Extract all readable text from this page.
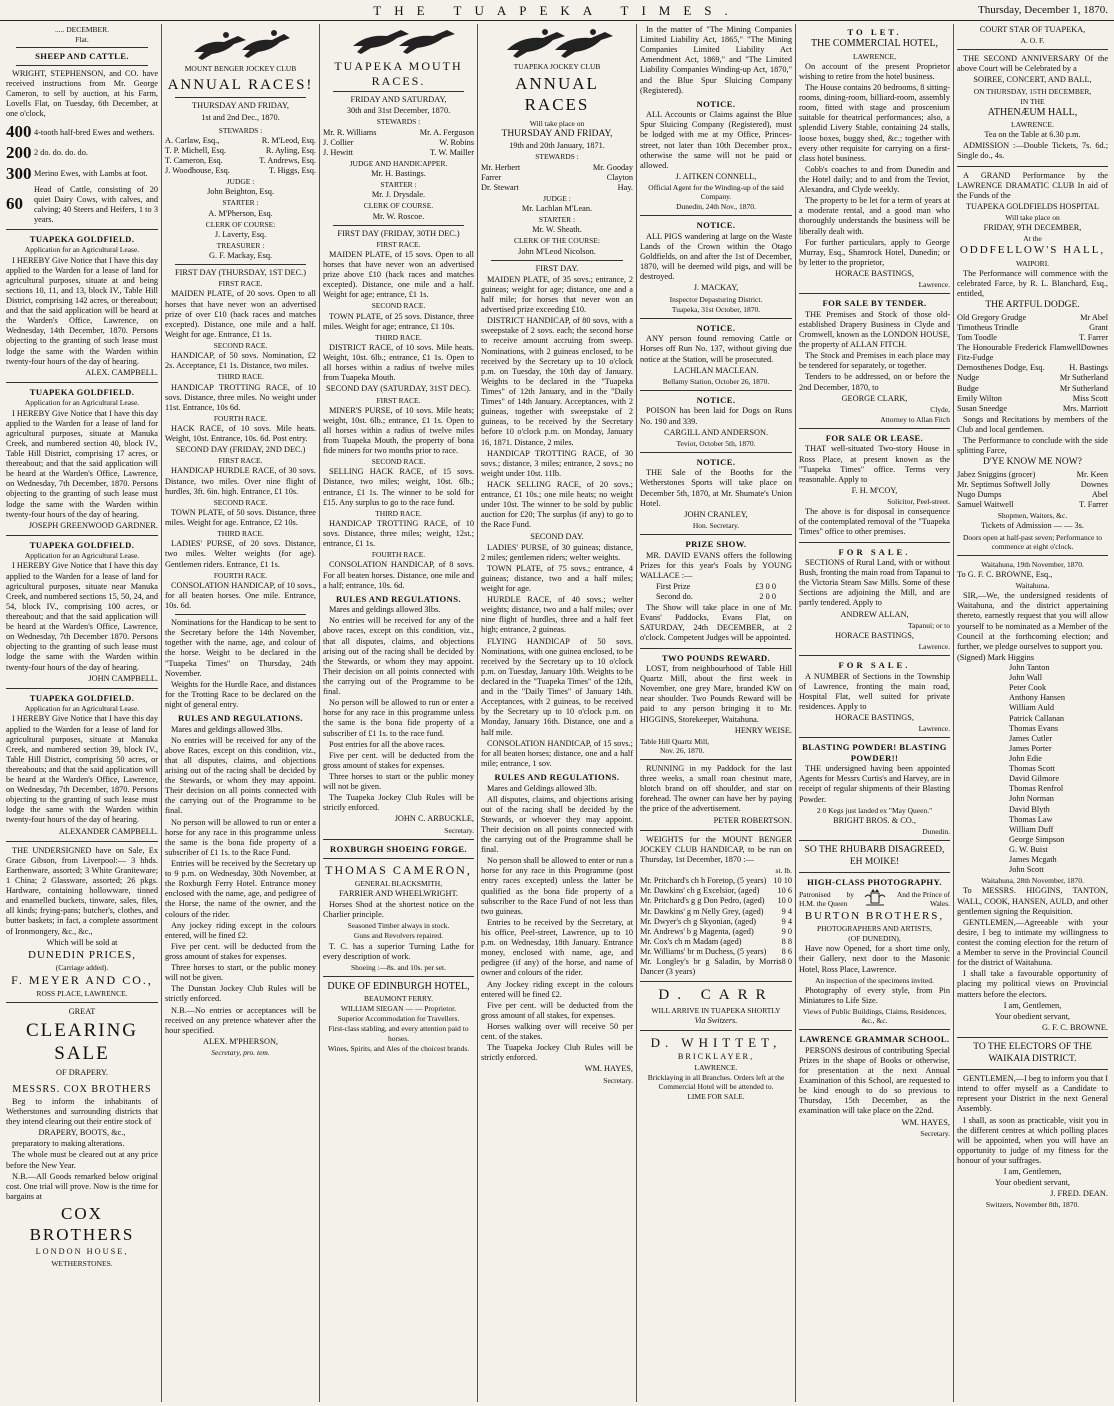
THE TUAPEKA TIMES.	Thursday, December 1, 1870.
..... DECEMBER.
Flat.
SHEEP AND CATTLE.

WRIGHT, STEPHENSON, and CO. have received instructions from Mr. George Cameron, to sell by auction, at his Farm, Lovells Flat, on Tuesday, 6th December, at one o'clock,

400 4-tooth half-bred Ewes and wethers.
200 2 do. do. do. do.
300 Merino Ewes, with Lambs at foot.
60
Head of Cattle, consisting of 20 quiet Dairy Cows, with calves, and calving; 40 Steers and Heifers, 1 to 3 years.
TUAPEKA GOLDFIELD.
Application for an Agricultural Lease.

I HEREBY Give Notice that I have this day applied to the Warden for a lease of land for agricultural purposes, situate at and being sections 10, 11, and 13, block IV., Table Hill District, comprising 142 acres, or thereabout; and that the said application will be heard at the Warden's Office, Lawrence, on Wednesday, 14th December, 1870. Persons objecting to the granting of such lease must lodge the same with the Warden within twenty-four hours of the day of hearing.

ALEX. CAMPBELL.
TUAPEKA GOLDFIELD.
Application for an Agricultural Lease.

I HEREBY Give Notice that I have this day applied to the Warden for a lease of land for agricultural purposes, situate at Manuka Creek, and numbered section 40, block IV., Table Hill District, comprising 17 acres, or thereabout; and that the said application will be heard at the Warden's Office, Lawrence, on Wednesday, 7th December, 1870. Persons objecting to the granting of such lease must lodge the same with the Warden within twenty-four hours of the day of hearing.

JOSEPH GREENWOOD GARDNER.
TUAPEKA GOLDFIELD.
Application for an Agricultural Lease.

I HEREBY Give Notice that I have this day applied to the Warden for a lease of land for agricultural purposes, situate near Manuka Creek, and numbered sections 15, 50, 24, and 54, block IV., comprising 100 acres, or thereabout; and that the said application will be heard at the Warden's Office, Lawrence, on Wednesday, 7th December 1870. Persons objecting to the granting of such lease must lodge the same with the Warden within twenty-four hours of the day of hearing.

JOHN CAMPBELL.
TUAPEKA GOLDFIELD.
Application for an Agricultural Lease.

I HEREBY Give Notice that I have this day applied to the Warden for a lease of land for agricultural purposes, situate at Manuka Creek, and numbered section 39, block IV., Table Hill District, comprising 50 acres, or thereabouts; and that the said application will be heard at the Warden's Office, Lawrence, on Wednesday, 7th December, 1870. Persons objecting to the granting of such lease must lodge the same with the Warden within twenty-four hours of the day of hearing.

ALEXANDER CAMPBELL.

THE UNDERSIGNED have on Sale, Ex Grace Gibson, from Liverpool:— 3 hhds. Earthenware, assorted; 3 White Graniteware; 1 China; 2 Glassware, assorted; 26 pkgs. Hardware, containing hollowware, tinned and enamelled buckets, tinware, sales, files, all kinds; frying-pans; butcher's, clothes, and butter baskets; in fact, a complete assortment of Ironmongery, &c., &c.,

Which will be sold at
DUNEDIN PRICES,
(Carriage added).
F. MEYER AND CO.,
ROSS PLACE, LAWRENCE.
GREAT
CLEARING SALE
OF DRAPERY.
MESSRS. COX BROTHERS

Beg to inform the inhabitants of Wetherstones and surrounding districts that they intend clearing out their entire stock of

DRAPERY, BOOTS, &c.,

preparatory to making alterations.

The whole must be cleared out at any price before the New Year.

N.B.—All Goods remarked below original cost. One trial will prove. Now is the time for bargains at

COX BROTHERS
LONDON HOUSE,
WETHERSTONES.
MOUNT BENGER JOCKEY CLUB
ANNUAL RACES!
THURSDAY AND FRIDAY,
1st and 2nd Dec., 1870.
STEWARDS :
A. Carlaw, Esq.,	R. M'Leod, Esq.
T. P. Michell, Esq.	R. Ayling, Esq.
T. Cameron, Esq.	T. Andrews, Esq.
J. Woodhouse, Esq.	T. Higgs, Esq.
JUDGE :
John Beighton, Esq.
STARTER :
A. M'Pherson, Esq.
CLERK OF COURSE:
J. Laverty, Esq.
TREASURER :
G. F. Mackay, Esq.
FIRST DAY (THURSDAY, 1ST DEC.)
FIRST RACE.

MAIDEN PLATE, of 20 sovs. Open to all horses that have never won an advertised prize of over £10 (hack races and matches excepted). Distance, one mile and a half. Weight for age. Entrance, £1 1s.

SECOND RACE.

HANDICAP, of 50 sovs. Nomination, £2 2s. Acceptance, £1 1s. Distance, two miles.

THIRD RACE.

HANDICAP TROTTING RACE, of 10 sovs. Distance, three miles. No weight under 11st. Entrance, 10s 6d.

FOURTH RACE.

HACK RACE, of 10 sovs. Mile heats. Weight, 10st. Entrance, 10s. 6d. Post entry.

SECOND DAY (FRIDAY, 2ND DEC.)
FIRST RACE.

HANDICAP HURDLE RACE, of 30 sovs. Distance, two miles. Over nine flight of hurdles, 3ft. 6in. high. Entrance, £1 10s.

SECOND RACE.

TOWN PLATE, of 50 sovs. Distance, three miles. Weight for age. Entrance, £2 10s.

THIRD RACE.

LADIES' PURSE, of 20 sovs. Distance, two miles. Welter weights (for age). Gentlemen riders. Entrance, £1 1s.

FOURTH RACE.

CONSOLATION HANDICAP, of 10 sovs., for all beaten horses. One mile. Entrance, 10s. 6d.

Nominations for the Handicap to be sent to the Secretary before the 14th November, together with the name, age, and colour of the horse. Weight to be declared in the "Tuapeka Times" on Thursday, 24th November.

Weights for the Hurdle Race, and distances for the Trotting Race to be declared on the night of general entry.

RULES AND REGULATIONS.

Mares and geldings allowed 3lbs.

No entries will be received for any of the above Races, except on this condition, viz., that all disputes, claims, and objections arising out of the racing shall be decided by the Stewards, or whom they may appoint. Their decision on all points connected with the carrying out of the Programme to be final.

No person will be allowed to run or enter a horse for any race in this programme unless the same is the bona fide property of a subscriber of £1 1s. to the Race Fund.

Entries will be received by the Secretary up to 9 p.m. on Wednesday, 30th November, at the Roxburgh Ferry Hotel. Entrance money enclosed with the name, age, and pedigree of the Horse, the name of the owner, and the colours of the rider.

Any jockey riding except in the colours entered, will be fined £2.

Five per cent. will be deducted from the gross amount of stakes for expenses.

Three horses to start, or the public money will not be given.

The Dunstan Jockey Club Rules will be strictly enforced.

N.B.—No entries or acceptances will be received on any pretence whatever after the hour specified.

ALEX. M'PHERSON,
Secretary, pro. tem.
TUAPEKA MOUTH RACES.
FRIDAY AND SATURDAY,
30th and 31st December, 1870.
STEWARDS :
Mr. R. Williams	Mr. A. Ferguson
J. Collier	W. Robins
J. Hewitt	T. W. Mailler
JUDGE AND HANDICAPPER.
Mr. H. Bastings.
STARTER :
Mr. J. Drysdale.
CLERK OF COURSE.
Mr. W. Roscoe.
FIRST DAY (FRIDAY, 30TH DEC.)
FIRST RACE.

MAIDEN PLATE, of 15 sovs. Open to all horses that have never won an advertised prize above £10 (hack races and matches excepted). Distance, one mile and a half. Weight for age; entrance, £1 1s.

SECOND RACE.

TOWN PLATE, of 25 sovs. Distance, three miles. Weight for age; entrance, £1 10s.

THIRD RACE.

DISTRICT RACE, of 10 sovs. Mile heats. Weight, 10st. 6lb.; entrance, £1 1s. Open to all horses within a radius of twelve miles from Tuapeka Mouth.

SECOND DAY (SATURDAY, 31ST DEC).
FIRST RACE.

MINER'S PURSE, of 10 sovs. Mile heats; weight, 10st. 6lb.; entrance, £1 1s. Open to all horses within a radius of twelve miles from Tuapeka Mouth, the property of bona fide miners for two months prior to race.

SECOND RACE.

SELLING HACK RACE, of 15 sovs. Distance, two miles; weight, 10st. 6lb.; entrance, £1 1s. The winner to be sold for £15. Any surplus to go to the race fund.

THIRD RACE.

HANDICAP TROTTING RACE, of 10 sovs. Distance, three miles; weight, 12st.; entrance, £1 1s.

FOURTH RACE.

CONSOLATION HANDICAP, of 8 sovs. For all beaten horses. Distance, one mile and a half; entrance, 10s. 6d.

RULES AND REGULATIONS.

Mares and geldings allowed 3lbs.

No entries will be received for any of the above races, except on this condition, viz., that all disputes, claims, and objections arising out of the racing shall be decided by the Stewards, or whom they may appoint. Their decision on all points connected with the carrying out of the Programme to be final.

No person will be allowed to run or enter a horse for any race in this programme unless the same is the bona fide property of a subscriber of £1 1s. to the race fund.

Post entries for all the above races.

Five per cent. will be deducted from the gross amount of stakes for expenses.

Three horses to start or the public money will not be given.

The Tuapeka Jockey Club Rules will be strictly enforced.

JOHN C. ARBUCKLE,
Secretary.
ROXBURGH SHOEING FORGE.
THOMAS CAMERON,
GENERAL BLACKSMITH,
FARRIER AND WHEELWRIGHT.

Horses Shod at the shortest notice on the Charlier principle.

Seasoned Timber always in stock.
Guns and Revolvers repaired.

T. C. has a superior Turning Lathe for every description of work.

Shoeing :—8s. and 10s. per set.
DUKE OF EDINBURGH HOTEL,
BEAUMONT FERRY.
WILLIAM SIEGAN — — Proprietor.
Superior Accommodation for Travellers.
First-class stabling, and every attention paid to horses.
Wines, Spirits, and Ales of the choicest brands.
TUAPEKA JOCKEY CLUB
ANNUAL RACES
Will take place on
THURSDAY AND FRIDAY,
19th and 20th January, 1871.
STEWARDS :
Mr. Herbert	Mr. Gooday
Farrer	Clayton
Dr. Stewart	Hay.
JUDGE :
Mr. Lachlan M'Lean.
STARTER :
Mr. W. Sheath.
CLERK OF THE COURSE:
John M'Leod Nicolson.
FIRST DAY.

MAIDEN PLATE, of 35 sovs.; entrance, 2 guineas; weight for age; distance, one and a half mile; for horses that never won an advertised prize exceeding £10.

DISTRICT HANDICAP, of 80 sovs, with a sweepstake of 2 sovs. each; the second horse to receive amount accruing from sweep. Nominations, with 2 guineas enclosed, to be received by the Secretary up to 10 o'clock p.m. on Tuesday, the 10th day of January. Weights to be declared in the "Tuapeka Times" of 12th January, and in the "Daily Times" of 14th January. Acceptances, with 2 guineas, together with sweepstake of 2 guineas, to be received by the Secretary before 10 o'clock p.m. on Monday, January 16, 1871. Distance, 2 miles.

HANDICAP TROTTING RACE, of 30 sovs.; distance, 3 miles; entrance, 2 sovs.; no weight under 10st. 11lb.

HACK SELLING RACE, of 20 sovs.; entrance, £1 10s.; one mile heats; no weight under 10st. The winner to be sold by public auction for £20; The surplus (if any) to go to the Race Fund.

SECOND DAY.

LADIES' PURSE, of 30 guineas; distance, 2 miles; gentlemen riders; welter weights.

TOWN PLATE, of 75 sovs.; entrance, 4 guineas; distance, two and a half miles; weight for age.

HURDLE RACE, of 40 sovs.; welter weights; distance, two and a half miles; over nine flight of hurdles, three and a half feet high; entrance, 2 guineas.

FLYING HANDICAP of 50 sovs. Nominations, with one guinea enclosed, to be received by the Secretary up to 10 o'clock p.m. on Tuesday, January 10th. Weights to be declared in the "Tuapeka Times" of the 12th, and in the "Daily Times" of January 14th. Acceptances, with 2 guineas, to be received by the Secretary up to 10 o'clock p.m. on Monday, January 16th. Distance, one and a half mile.

CONSOLATION HANDICAP, of 15 sovs.; for all beaten horses; distance, one and a half mile; entrance, 1 sov.

RULES AND REGULATIONS.

Mares and Geldings allowed 3lb.

All disputes, claims, and objections arising out of the racing shall be decided by the Stewards, or whoever they may appoint. Their decision on all points connected with the carrying out of the Programme shall be final.

No person shall be allowed to enter or run a horse for any race in this Programme (post entry races excepted) unless the latter be qualified as the bona fide property of a subscriber to the Race Fund of not less than two guineas.

Entries to be received by the Secretary, at his office, Peel-street, Lawrence, up to 10 p.m. on Wednesday, 18th January. Entrance money, enclosed with name, age, and pedigree (if any) of the horse, and name of owner and colours of the rider.

Any Jockey riding except in the colours entered will be fined £2.

Five per cent. will be deducted from the gross amount of all stakes, for expenses.

Horses walking over will receive 50 per cent. of the stakes.

The Tuapeka Jockey Club Rules will be strictly enforced.

WM. HAYES,
Secretary.

In the matter of "The Mining Companies Limited Liability Act, 1865," "The Mining Companies Limited Liability Act Amendment Act, 1869," and "The Limited Liability Companies Winding-up Act, 1870," and the Blue Spur Sluicing Company (Registered).

NOTICE.

ALL Accounts or Claims against the Blue Spur Sluicing Company (Registered), must be lodged with me at my Office, Princes-street, not later than 10th December prox., otherwise the same will not be paid or allowed.

J. AITKEN CONNELL,
Official Agent for the Winding-up of the said Company.
Dunedin, 24th Nov., 1870.
NOTICE.

ALL PIGS wandering at large on the Waste Lands of the Crown within the Otago Goldfields, on and after the 1st of December, 1870, will be deemed wild pigs, and will be destroyed.

J. MACKAY,
Inspector Depasturing District.
Tuapeka, 31st October, 1870.
NOTICE.

ANY person found removing Cattle or Horses off Run No. 137, without giving due notice at the Station, will be prosecuted.

LACHLAN MACLEAN.
Bellamy Station, October 26, 1870.
NOTICE.

POISON has been laid for Dogs on Runs No. 190 and 339.

CARGILL AND ANDERSON.
Teviot, October 5th, 1870.
NOTICE.

THE Sale of the Booths for the Wetherstones Sports will take place on December 5th, 1870, at Mr. Shumate's Union Hotel.

JOHN CRANLEY,
Hon. Secretary.
PRIZE SHOW.

MR. DAVID EVANS offers the following Prizes for this year's Foals by YOUNG WALLACE :—

First Prize	£3 0 0
Second do.	2 0 0

The Show will take place in one of Mr. Evans' Paddocks, Evans Flat, on SATURDAY, 24th DECEMBER, at 2 o'clock. Competent Judges will be appointed.

TWO POUNDS REWARD.

LOST, from neighbourhood of Table Hill Quartz Mill, about the first week in November, one grey Mare, branded KW on near shoulder. Two Pounds Reward will be paid to any person bringing it to Mr. HIGGINS, Storekeeper, Waitahuna.

HENRY WEISE.
Table Hill Quartz Mill,
Nov. 26, 1870.

RUNNING in my Paddock for the last three weeks, a small roan chestnut mare, blotch brand on off shoulder, and star on forehead. The owner can have her by paying the price of the advertisement.

PETER ROBERTSON.

WEIGHTS for the MOUNT BENGER JOCKEY CLUB HANDICAP, to be run on Thursday, 1st December, 1870 :—

st. lb.
Mr. Pritchard's ch h Foretop, (5 years) 10 10
Mr. Dawkins' ch g Excelsior, (aged)	10 6
Mr. Pritchard's g g Don Pedro, (aged)	10 0
Mr. Dawkins' g m Nelly Grey, (aged)	9 4
Mr. Dwyer's ch g Skyonian, (aged)	9 4
Mr. Andrews' b g Magenta, (aged)	9 0
Mr. Cox's ch m Madam (aged)	8 8
Mr. Williams' br m Duchess, (5 years)	8 6
Mr. Longley's br g Saladin, by Morris Dancer (3 years)
8 0
D. CARR
WILL ARRIVE IN TUAPEKA SHORTLY
Via Switzers.
D. WHITTET,
BRICKLAYER,
LAWRENCE.
Bricklaying in all Branches. Orders left at the Commercial Hotel will be attended to.
LIME FOR SALE.
TO LET.
THE COMMERCIAL HOTEL,
LAWRENCE,

On account of the present Proprietor wishing to retire from the hotel business.

The House contains 20 bedrooms, 8 sitting-rooms, dining-room, billiard-room, assembly room, fitted with stage and proscenium suitable for theatrical performances; also, a splendid Livery Stable, containing 24 stalls, loose boxes, buggy shed, &c.; together with every other requisite for carrying on a first-class hotel business.

Cobb's coaches to and from Dunedin and the Hotel daily; and to and from the Teviot, Alexandra, and Clyde weekly.

The property to be let for a term of years at a moderate rental, and a good man who thoroughly understands the business will be liberally dealt with.

For further particulars, apply to George Murray, Esq., Shamrock Hotel, Dunedin; or by letter to the proprietor,

HORACE BASTINGS,
Lawrence.
FOR SALE BY TENDER.

THE Premises and Stock of those old-established Drapery Business in Clyde and Cromwell, known as the LONDON HOUSE, the property of ALLAN FITCH.

The Stock and Premises in each place may be tendered for separately, or together.

Tenders to be addressed, on or before the 2nd December, 1870, to

GEORGE CLARK,
Clyde,
Attorney to Allan Fitch
FOR SALE OR LEASE.

THAT well-situated Two-story House in Ross Place, at present known as the "Tuapeka Times" office. Terms very reasonable. Apply to

F. H. M'COY,
Solicitor, Peel-street.

The above is for disposal in consequence of the contemplated removal of the "Tuapeka Times" office to other premises.

FOR SALE.

SECTIONS of Rural Land, with or without Bush, fronting the main road from Tapanui to the Victoria Steam Saw Mills. Some of these Sections are adjoining the Mill, and are partly tendered. Apply to

ANDREW ALLAN,
Tapanui; or to
HORACE BASTINGS,
Lawrence.
FOR SALE.

A NUMBER of Sections in the Township of Lawrence, fronting the main road, Hospital Flat, well suited for private residences. Apply to

HORACE BASTINGS,
Lawrence.
BLASTING POWDER! BLASTING POWDER!!

THE undersigned having been appointed Agents for Messrs Curtis's and Harvey, are in receipt of regular shipments of their Blasting Powder.

2 0 Kegs just landed ex "May Queen."
BRIGHT BROS. & CO.,
Dunedin.
SO THE RHUBARB DISAGREED, EH MOIKE!
HIGH-CLASS PHOTOGRAPHY.
Patronised by H.M. the Queen
And the Prince of Wales.
BURTON BROTHERS,
PHOTOGRAPHERS AND ARTISTS,
(OF DUNEDIN),

Have now Opened, for a short time only, their Gallery, next door to the Masonic Hotel, Ross Place, Lawrence.

An inspection of the specimens invited.

Photography of every style, from Pin Miniatures to Life Size.

Views of Public Buildings, Claims, Residences, &c., &c.
LAWRENCE GRAMMAR SCHOOL.

PERSONS desirous of contributing Special Prizes in the shape of Books or otherwise, for presentation at the next Annual Examination of this School, are requested to be kind enough to do so previous to Thursday, 15th December, as the examination will take place on the 22nd.

WM. HAYES,
Secretary.
COURT STAR OF TUAPEKA,
A. O. F.

THE SECOND ANNIVERSARY Of the above Court will be Celebrated by a

SOIREE, CONCERT, AND BALL,
ON THURSDAY, 15TH DECEMBER,
IN THE
ATHENÆUM HALL,
LAWRENCE.
Tea on the Table at 6.30 p.m.

ADMISSION :—Double Tickets, 7s. 6d.; Single do., 4s.

A GRAND Performance by the LAWRENCE DRAMATIC CLUB In aid of the Funds of the

TUAPEKA GOLDFIELDS HOSPITAL
Will take place on
FRIDAY, 9TH DECEMBER,
At the
ODDFELLOW'S HALL,
WAIPORI.

The Performance will commence with the celebrated Farce, by R. L. Blanchard, Esq., entitled,

THE ARTFUL DODGE.
Old Gregory Grudge	Mr Abel
Timotheus Trindle	Grant
Tom Toodle	T. Farrer
The Honourable Frederick Flamwell Fitz-Fudge
Downes
Demosthenes Dodge, Esq.	H. Bastings
Nudge	Mr Sutherland
Budge	Mr Sutherland
Emily Wilton	Miss Scott
Susan Sneedge	Mrs. Marriott

Songs and Recitations by members of the Club and local gentlemen.

The Performance to conclude with the side splitting Farce,

D'YE KNOW ME NOW?
Jabez Sniggins (grocer)	Mr. Keen
Mr. Septimus Softwell Jolly	Downes
Nugo Dumps	Abel
Samuel Waitwell	T. Farrer
Shopmen, Waiters, &c.
Tickets of Admission — — 3s.
Doors open at half-past seven; Performance to commence at eight o'clock.
Waitahuna, 19th November, 1870.
To G. F. C. BROWNE, Esq.,
Waitahuna.

SIR,—We, the undersigned residents of Waitahuna, and the district appertaining thereto, earnestly request that you will allow yourself to be nominated as a Member of the Council at the forthcoming election; and further, we pledge ourselves to support you.

(Signed) Mark Higgins
John Tanton
John Wall
Peter Cook
Anthony Hansen
William Auld
Patrick Callanan
Thomas Evans
James Cutler
James Porter
John Edie
Thomas Scott
David Gilmore
Thomas Renfrol
John Norman
David Blyth
Thomas Law
William Duff
George Simpson
G. W. Buist
James Mcgath
John Scott
Waitahuna, 28th November, 1870.

To MESSRS. HIGGINS, TANTON, WALL, COOK, HANSEN, AULD, and other gentlemen signing the Requisition.

GENTLEMEN,—Agreeable with your desire, I beg to intimate my willingness to contest the coming election for the return of a Member to serve in the Provincial Council for the district of Waitahuna.

I shall take a favourable opportunity of placing my political views on Provincial matters before the electors.

I am, Gentlemen,
Your obedient servant,
G. F. C. BROWNE.
TO THE ELECTORS OF THE WAIKAIA DISTRICT.

GENTLEMEN,—I beg to inform you that I intend to offer myself as a Candidate to represent your District in the next General Assembly.

I shall, as soon as practicable, visit you in the different centres at which polling places will be appointed, when you will have an opportunity to judge of my fitness for the honour of your suffrages.

I am, Gentlemen,
Your obedient servant,
J. FRED. DEAN.
Switzers, November 8th, 1870.
